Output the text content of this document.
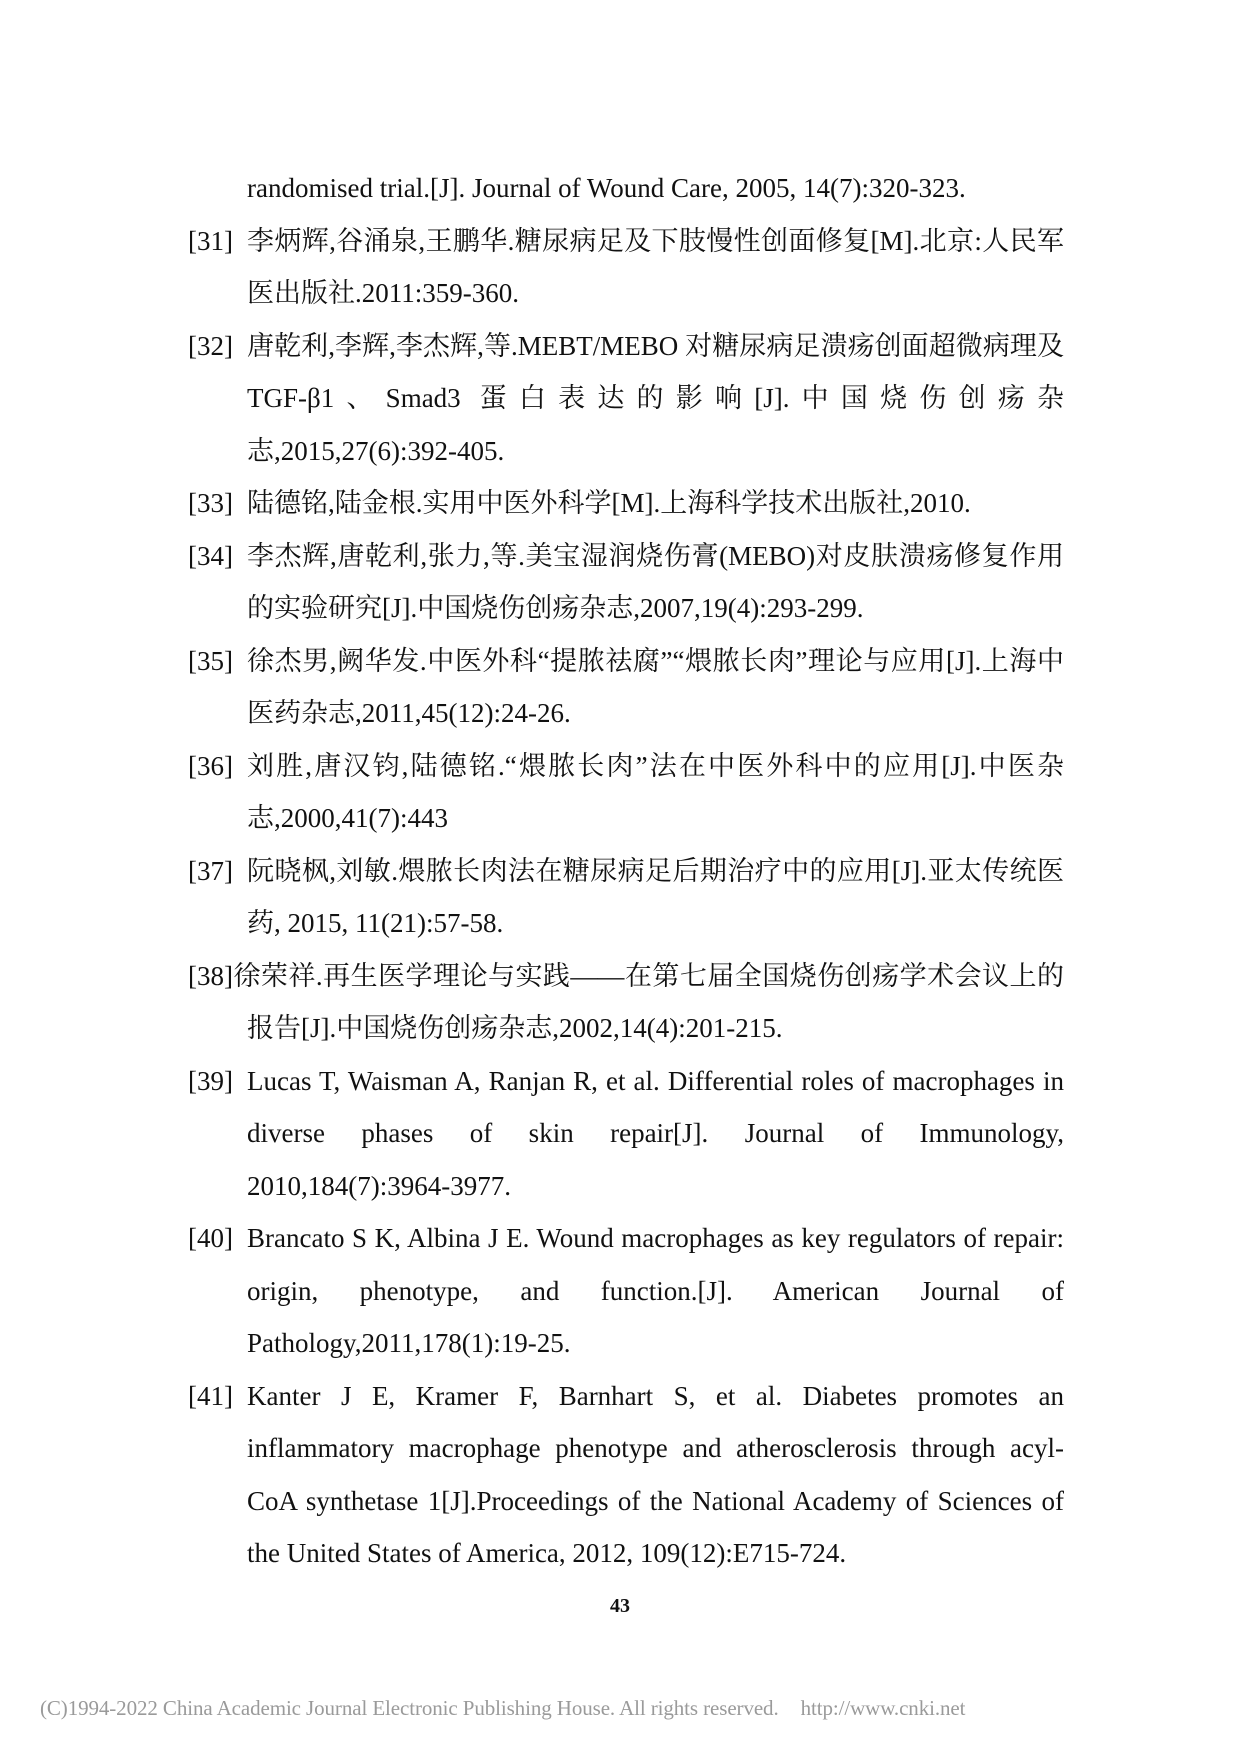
randomised trial.[J]. Journal of Wound Care, 2005, 14(7):320-323.
[31] 李炳辉,谷涌泉,王鹏华.糖尿病足及下肢慢性创面修复[M].北京:人民军医出版社.2011:359-360.
[32] 唐乾利,李辉,李杰辉,等.MEBT/MEBO 对糖尿病足溃疡创面超微病理及 TGF-β1、Smad3 蛋白表达的影响[J].中国烧伤创疡杂志,2015,27(6):392-405.
[33] 陆德铭,陆金根.实用中医外科学[M].上海科学技术出版社,2010.
[34] 李杰辉,唐乾利,张力,等.美宝湿润烧伤膏(MEBO)对皮肤溃疡修复作用的实验研究[J].中国烧伤创疡杂志,2007,19(4):293-299.
[35] 徐杰男,阙华发.中医外科“提脓祛腐”“煨脓长肉”理论与应用[J].上海中医药杂志,2011,45(12):24-26.
[36] 刘胜,唐汉钧,陆德铭.“煨脓长肉”法在中医外科中的应用[J].中医杂志,2000,41(7):443
[37] 阮晓枫,刘敏.煨脓长肉法在糖尿病足后期治疗中的应用[J].亚太传统医药, 2015, 11(21):57-58.
[38]徐荣祥.再生医学理论与实践——在第七届全国烧伤创疡学术会议上的报告[J].中国烧伤创疡杂志,2002,14(4):201-215.
[39] Lucas T, Waisman A, Ranjan R, et al. Differential roles of macrophages in diverse phases of skin repair[J]. Journal of Immunology, 2010,184(7):3964-3977.
[40] Brancato S K, Albina J E. Wound macrophages as key regulators of repair: origin, phenotype, and function.[J]. American Journal of Pathology,2011,178(1):19-25.
[41] Kanter J E, Kramer F, Barnhart S, et al. Diabetes promotes an inflammatory macrophage phenotype and atherosclerosis through acyl-CoA synthetase 1[J].Proceedings of the National Academy of Sciences of the United States of America, 2012, 109(12):E715-724.
43
(C)1994-2022 China Academic Journal Electronic Publishing House. All rights reserved. http://www.cnki.net
